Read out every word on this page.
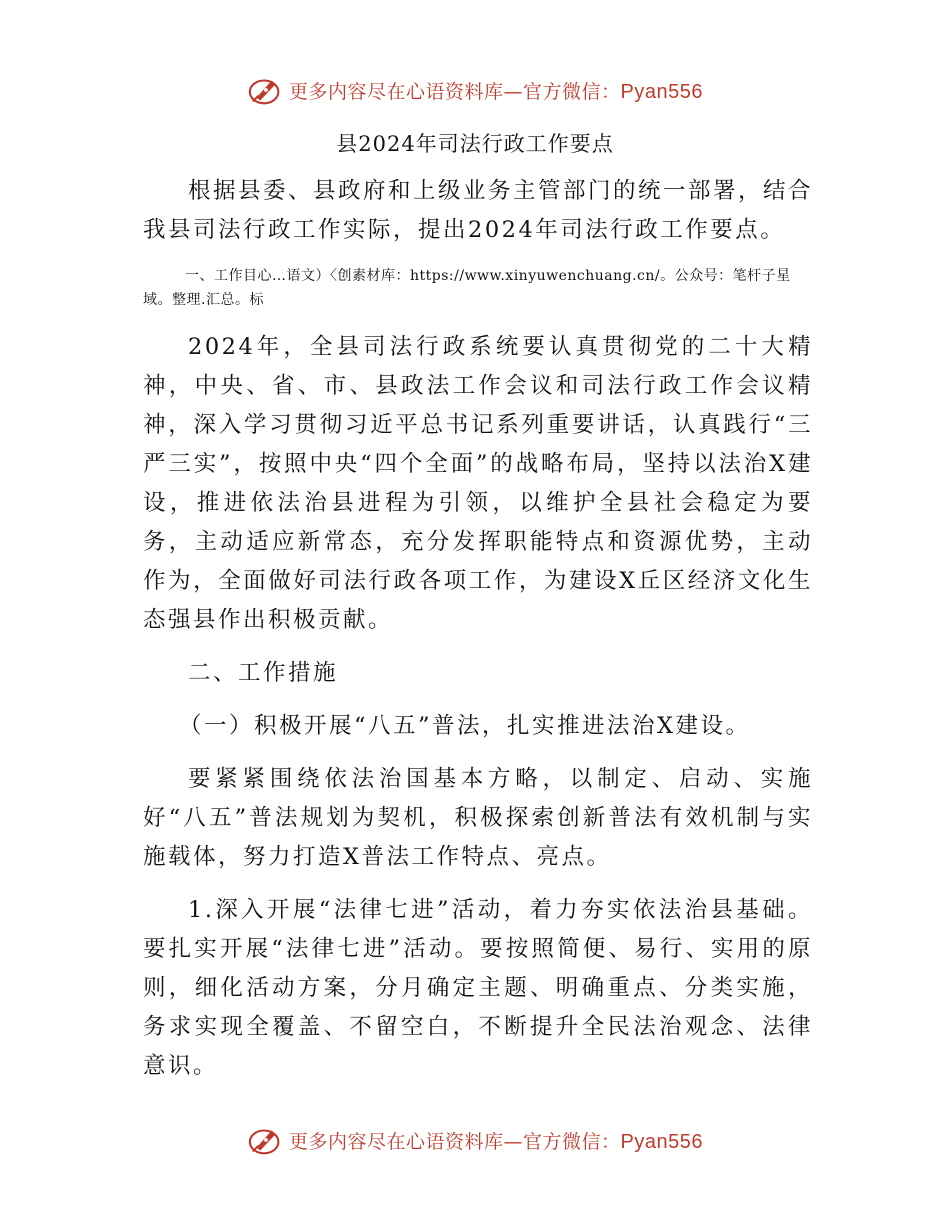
更多内容尽在心语资料库—官方微信：Pyan556
县2024年司法行政工作要点

根据县委、县政府和上级业务主管部门的统一部署，结合我县司法行政工作实际，提出2024年司法行政工作要点。

一、工作目心…语文）〈创素材库：https://www.xinyuwenchuang.cn/。公众号：笔杆子星域。整理.汇总。标

2024年，全县司法行政系统要认真贯彻党的二十大精神，中央、省、市、县政法工作会议和司法行政工作会议精神，深入学习贯彻习近平总书记系列重要讲话，认真践行“三严三实”，按照中央“四个全面”的战略布局，坚持以法治X建设，推进依法治县进程为引领，以维护全县社会稳定为要务，主动适应新常态，充分发挥职能特点和资源优势，主动作为，全面做好司法行政各项工作，为建设X丘区经济文化生态强县作出积极贡献。

二、工作措施

（一）积极开展“八五”普法，扎实推进法治X建设。

要紧紧围绕依法治国基本方略，以制定、启动、实施好“八五”普法规划为契机，积极探索创新普法有效机制与实施载体，努力打造X普法工作特点、亮点。

1.深入开展“法律七进”活动，着力夯实依法治县基础。要扎实开展“法律七进”活动。要按照简便、易行、实用的原则，细化活动方案，分月确定主题、明确重点、分类实施，务求实现全覆盖、不留空白，不断提升全民法治观念、法律意识。

更多内容尽在心语资料库—官方微信：Pyan556
